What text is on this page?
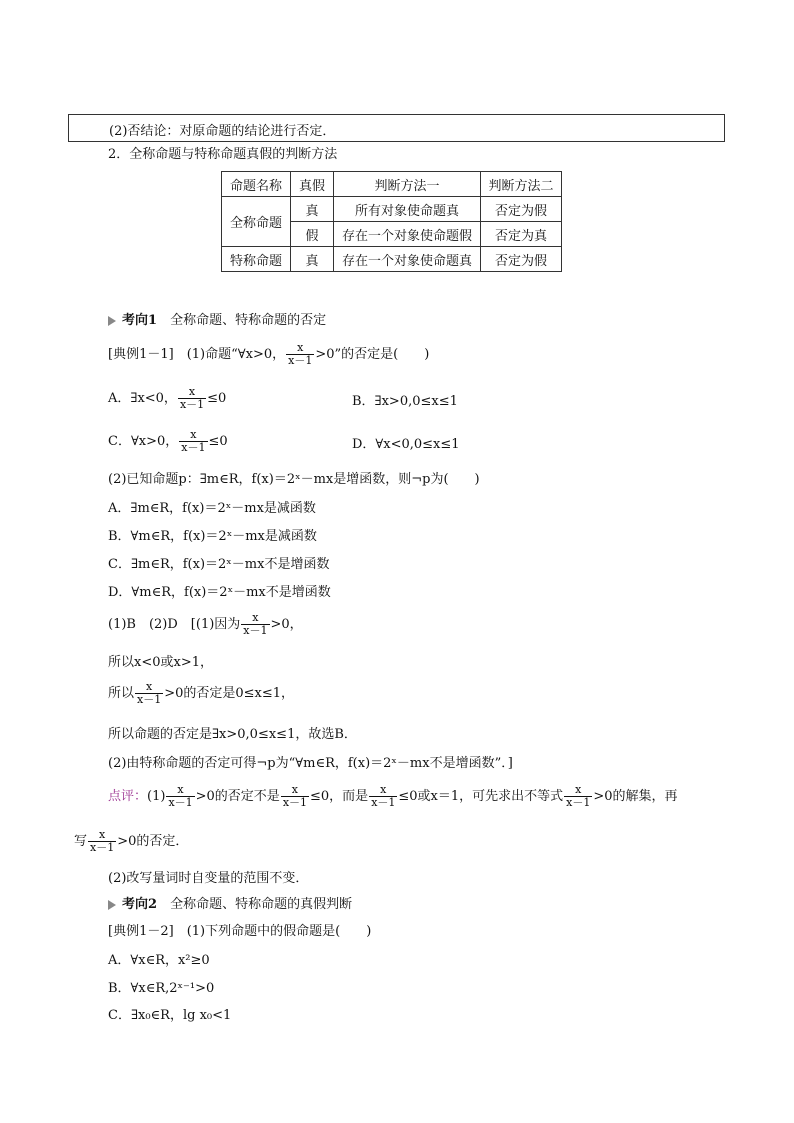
(2)否结论：对原命题的结论进行否定．
2．全称命题与特称命题真假的判断方法
命题名称	真假	判断方法一	判断方法二
全称命题	真	所有对象使命题真	否定为假
	假	存在一个对象使命题假	否定为真
特称命题	真	存在一个对象使命题真	否定为假
考向1　 全称命题、特称命题的否定
[典例1－1]　 (1)命题“∀x>0， $\frac{x}{x-1} >0$”的否定是(　　)
A．∃x<0， $\frac{x}{x-1} \le 0$	B．∃x>0,0≤x≤1
C．∀x>0， $\frac{x}{x-1} \le 0$	D．∀x<0,0≤x≤1
(2)已知命题p：∃m∈R，f(x)＝2ˣ－mx是增函数，则¬p为(　　)
A．∃m∈R，f(x)＝2ˣ－mx是减函数
B．∀m∈R，f(x)＝2ˣ－mx是减函数
C．∃m∈R，f(x)＝2ˣ－mx不是增函数
D．∀m∈R，f(x)＝2ˣ－mx不是增函数
(1)B　(2)D　[(1)因为 $\frac{x}{x-1} >0$，
所以x<0或x>1，
所以 $\frac{x}{x-1} >0$的否定是0≤x≤1，
所以命题的否定是∃x>0,0≤x≤1，故选B．
(2)由特称命题的否定可得¬p为“∀m∈R，f(x)＝2ˣ－mx不是增函数”．]
点评：$(1) \frac{x}{x-1} >0$的否定不是 $\frac{x}{x-1} \le 0$，而是 $\frac{x}{x-1} \le 0$或x＝1，可先求出不等式 $\frac{x}{x-1} >0$的解集，再
写 $\frac{x}{x-1} >0$的否定．
(2)改写量词时自变量的范围不变．
考向2　 全称命题、特称命题的真假判断
[典例1－2]　 (1)下列命题中的假命题是(　　)
A．∀x∈R，x²≥0
B．∀x∈R,2ˣ⁻¹>0
C．∃x₀∈R，lg x₀<1
